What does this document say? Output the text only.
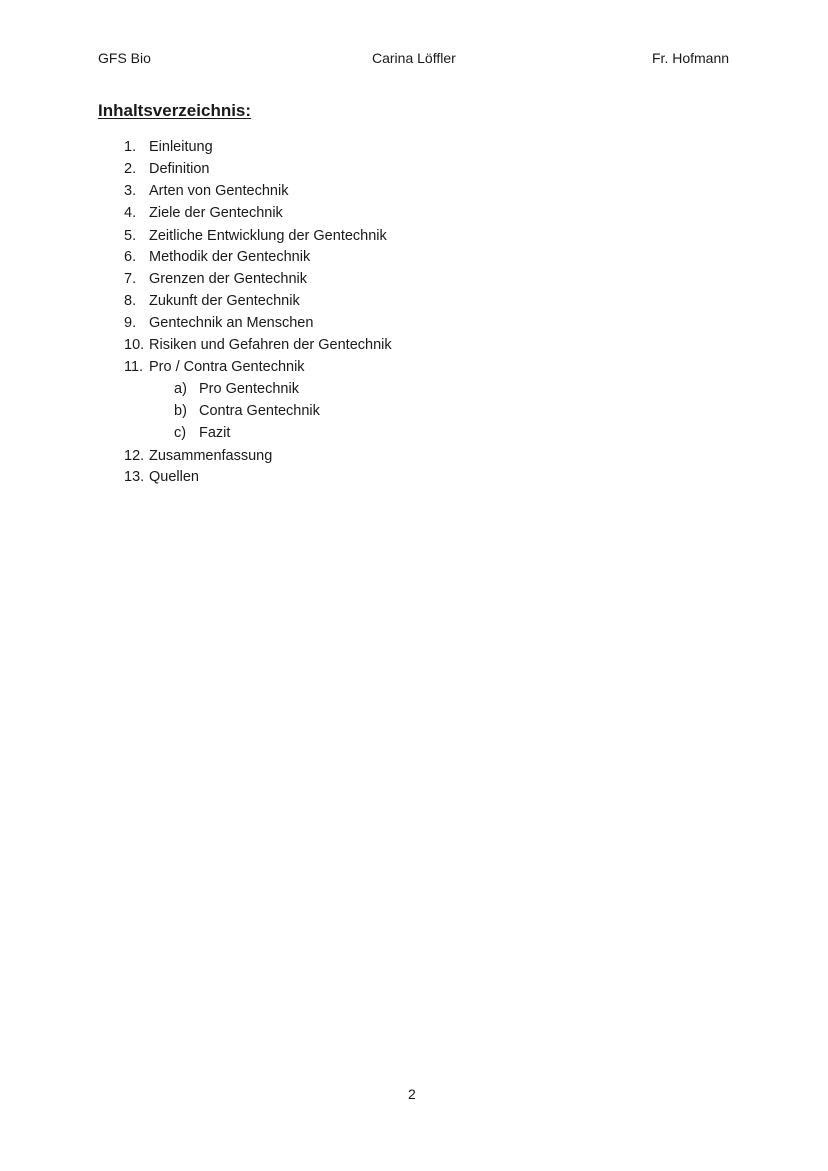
GFS Bio	Carina Löffler	Fr. Hofmann
Inhaltsverzeichnis:
1. Einleitung
2. Definition
3. Arten von Gentechnik
4. Ziele der Gentechnik
5. Zeitliche Entwicklung der Gentechnik
6. Methodik der Gentechnik
7. Grenzen der Gentechnik
8. Zukunft der Gentechnik
9. Gentechnik an Menschen
10. Risiken und Gefahren der Gentechnik
11. Pro / Contra Gentechnik
a) Pro Gentechnik
b) Contra Gentechnik
c) Fazit
12. Zusammenfassung
13. Quellen
2
